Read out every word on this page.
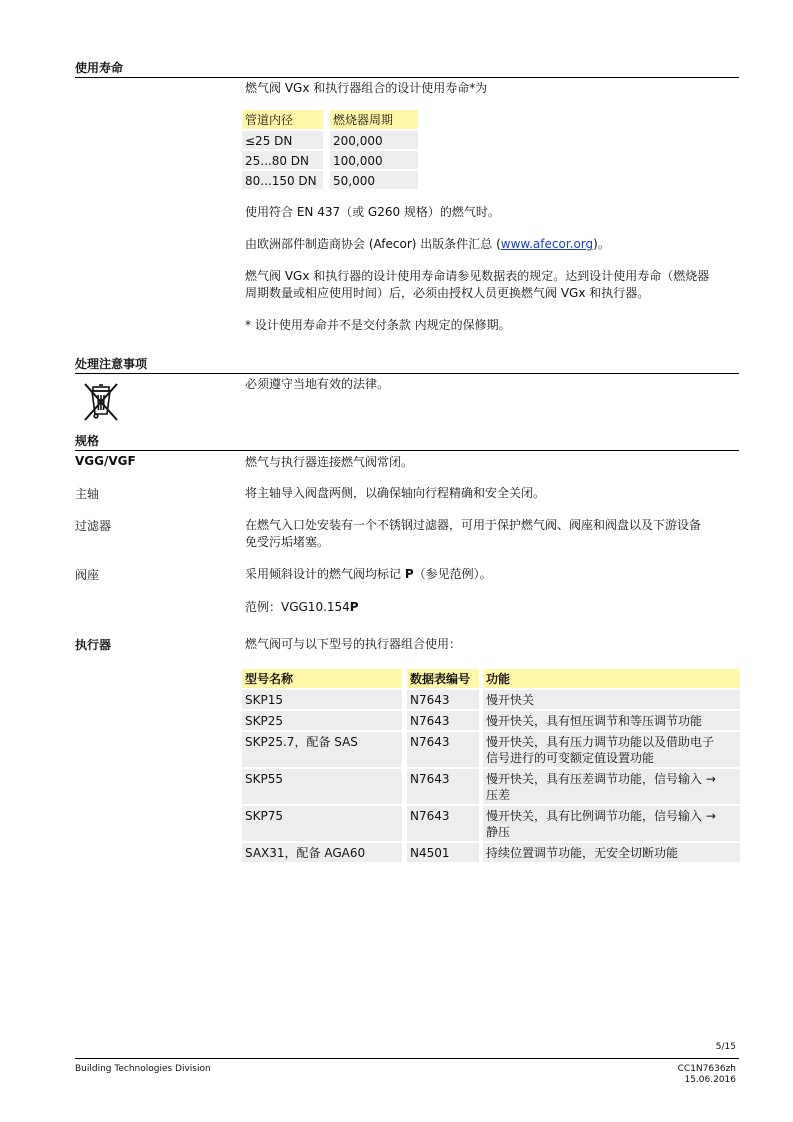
使用寿命
燃气阀 VGx 和执行器组合的设计使用寿命*为
管道内径	燃烧器周期
≤25 DN	200,000
25...80 DN	100,000
80...150 DN	50,000
使用符合 EN 437（或 G260 规格）的燃气时。
由欧洲部件制造商协会 (Afecor) 出版条件汇总 (www.afecor.org)。
燃气阀 VGx 和执行器的设计使用寿命请参见数据表的规定。达到设计使用寿命（燃烧器
周期数量或相应使用时间）后，必须由授权人员更换燃气阀 VGx 和执行器。
* 设计使用寿命并不是交付条款 内规定的保修期。
处理注意事项
必须遵守当地有效的法律。
规格
VGG/VGF	燃气与执行器连接燃气阀常闭。
主轴	将主轴导入阀盘两侧，以确保轴向行程精确和安全关闭。
过滤器	在燃气入口处安装有一个不锈钢过滤器，可用于保护燃气阀、阀座和阀盘以及下游设备
免受污垢堵塞。
阀座	采用倾斜设计的燃气阀均标记 P（参见范例）。
范例：VGG10.154P
执行器	燃气阀可与以下型号的执行器组合使用：
型号名称	数据表编号	功能
SKP15	N7643	慢开快关
SKP25	N7643	慢开快关，具有恒压调节和等压调节功能
SKP25.7，配备 SAS	N7643	慢开快关，具有压力调节功能以及借助电子
信号进行的可变额定值设置功能
SKP55	N7643	慢开快关，具有压差调节功能，信号输入 →
压差
SKP75	N7643	慢开快关，具有比例调节功能，信号输入 →
静压
SAX31，配备 AGA60	N4501	持续位置调节功能，无安全切断功能
5/15
Building Technologies Division	CC1N7636zh
15.06.2016
